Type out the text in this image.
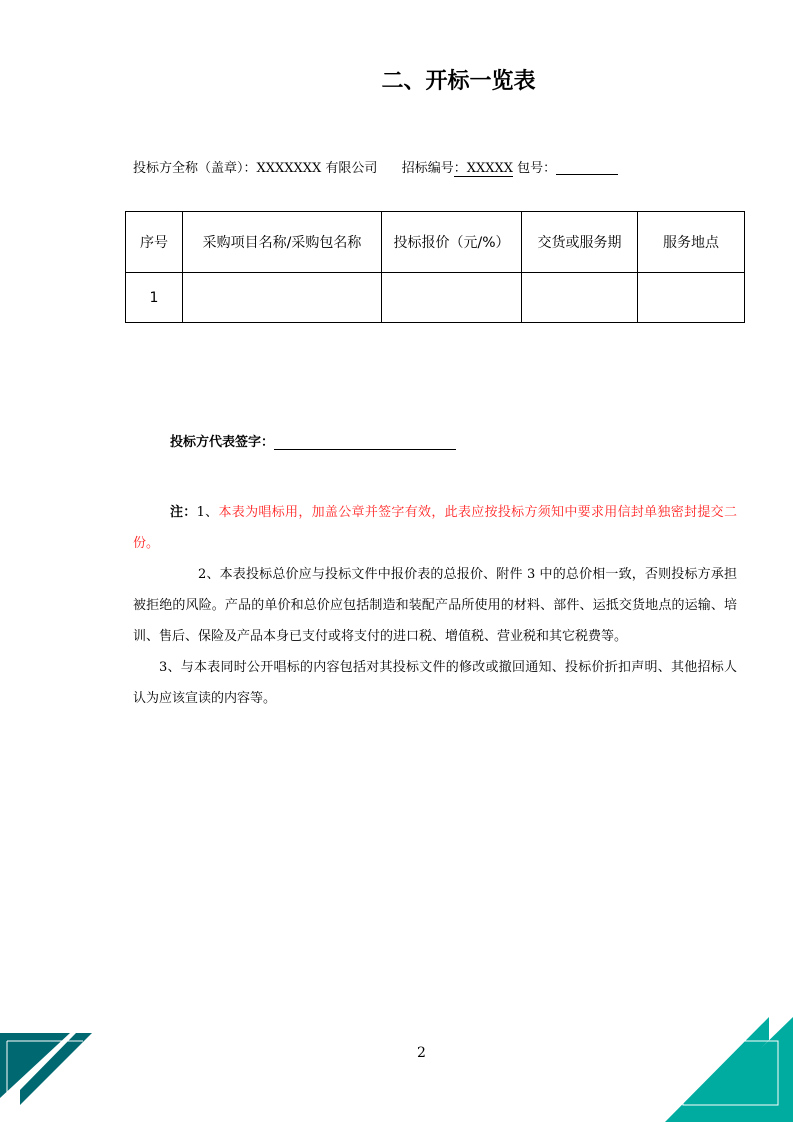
二、开标一览表
投标方全称（盖章）：XXXXXXX 有限公司 招标编号：XXXXX 包号：
序号	采购项目名称/采购包名称	投标报价（元/%）	交货或服务期	服务地点
1				
投标方代表签字：

注：1、本表为唱标用，加盖公章并签字有效，此表应按投标方须知中要求用信封单独密封提交二份。

2、本表投标总价应与投标文件中报价表的总报价、附件 3 中的总价相一致，否则投标方承担被拒绝的风险。产品的单价和总价应包括制造和装配产品所使用的材料、部件、运抵交货地点的运输、培训、售后、保险及产品本身已支付或将支付的进口税、增值税、营业税和其它税费等。

3、与本表同时公开唱标的内容包括对其投标文件的修改或撤回通知、投标价折扣声明、其他招标人认为应该宣读的内容等。

2
